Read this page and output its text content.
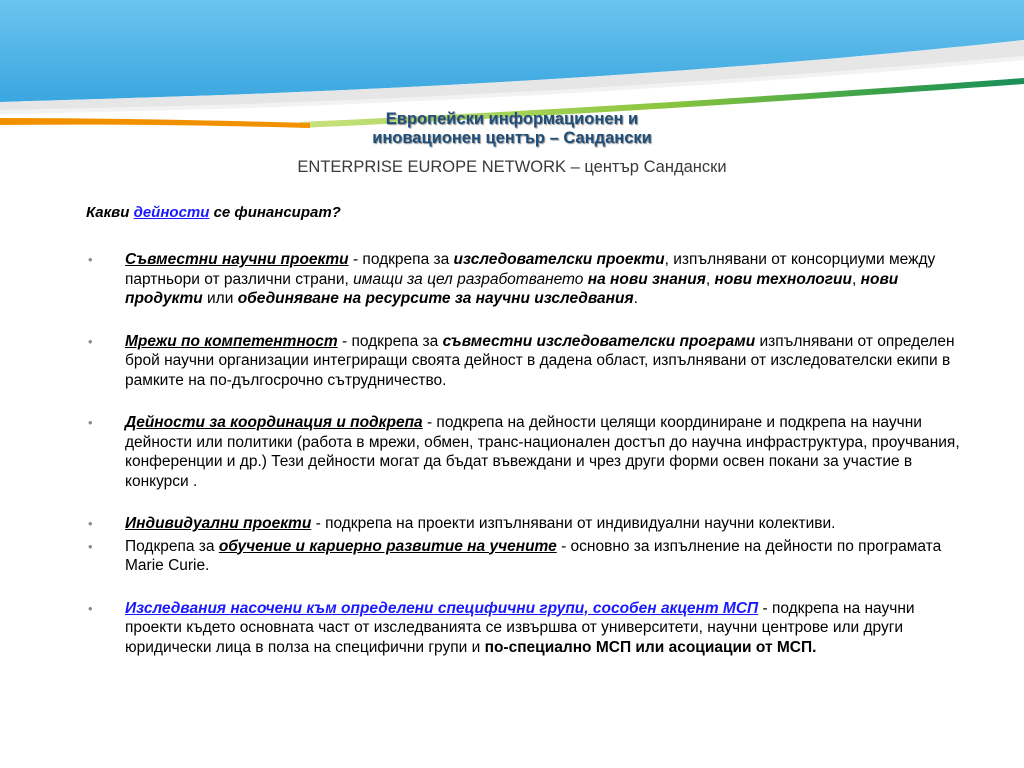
Европейски информационен и
иновационен център – Сандански
ENTERPRISE EUROPE NETWORK – център Сандански
Какви дейности се финансират?
• Съвместни научни проекти - подкрепа за изследователски проекти, изпълнявани от консорциуми между партньори от различни страни, имащи за цел разработването на нови знания, нови технологии, нови продукти или обединяване на ресурсите за научни изследвания.
• Мрежи по компетентност - подкрепа за съвместни изследователски програми изпълнявани от определен брой научни организации интегриращи своята дейност в дадена област, изпълнявани от изследователски екипи в рамките на по-дългосрочно сътрудничество.
• Дейности за координация и подкрепа - подкрепа на дейности целящи координиране и подкрепа на научни дейности или политики (работа в мрежи, обмен, транс-национален достъп до научна инфраструктура, проучвания, конференции и др.) Тези дейности могат да бъдат въвеждани и чрез други форми освен покани за участие в конкурси .
• Индивидуални проекти - подкрепа на проекти изпълнявани от индивидуални научни колективи.
• Подкрепа за обучение и кариерно развитие на учените - основно за изпълнение на дейности по програмата Marie Curie.
• Изследвания насочени към определени специфични групи, сособен акцент МСП - подкрепа на научни проекти където основната част от изследванията се извършва от университети, научни центрове или други юридически лица в полза на специфични групи и по-специално МСП или асоциации от МСП.
